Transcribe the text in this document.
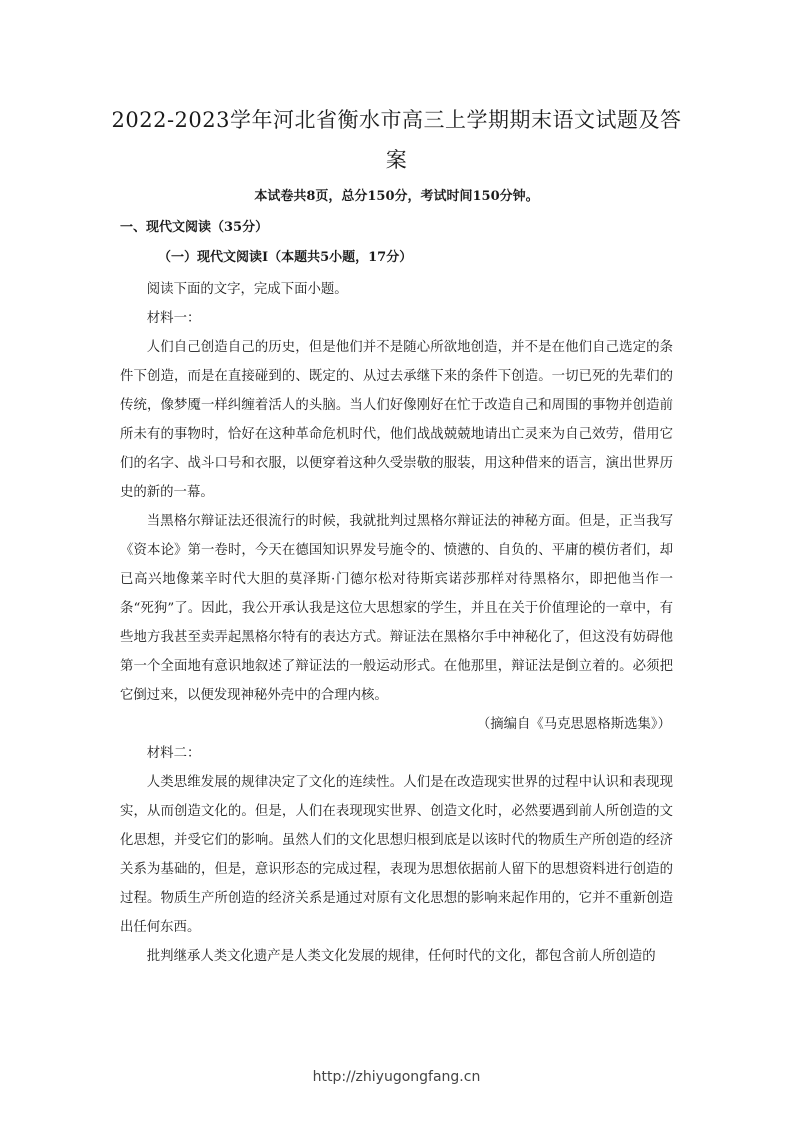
2022-2023学年河北省衡水市高三上学期期末语文试题及答案
本试卷共8页，总分150分，考试时间150分钟。
一、现代文阅读（35分）
（一）现代文阅读Ⅰ（本题共5小题，17分）

阅读下面的文字，完成下面小题。

材料一：

人们自己创造自己的历史，但是他们并不是随心所欲地创造，并不是在他们自己选定的条件下创造，而是在直接碰到的、既定的、从过去承继下来的条件下创造。一切已死的先辈们的传统，像梦魇一样纠缠着活人的头脑。当人们好像刚好在忙于改造自己和周围的事物并创造前所未有的事物时，恰好在这种革命危机时代，他们战战兢兢地请出亡灵来为自己效劳，借用它们的名字、战斗口号和衣服，以便穿着这种久受崇敬的服装，用这种借来的语言，演出世界历史的新的一幕。

当黑格尔辩证法还很流行的时候，我就批判过黑格尔辩证法的神秘方面。但是，正当我写《资本论》第一卷时，今天在德国知识界发号施令的、愤懑的、自负的、平庸的模仿者们，却已高兴地像莱辛时代大胆的莫泽斯·门德尔松对待斯宾诺莎那样对待黑格尔，即把他当作一条“死狗”了。因此，我公开承认我是这位大思想家的学生，并且在关于价值理论的一章中，有些地方我甚至卖弄起黑格尔特有的表达方式。辩证法在黑格尔手中神秘化了，但这没有妨碍他第一个全面地有意识地叙述了辩证法的一般运动形式。在他那里，辩证法是倒立着的。必须把它倒过来，以便发现神秘外壳中的合理内核。

（摘编自《马克思恩格斯选集》）

材料二：

人类思维发展的规律决定了文化的连续性。人们是在改造现实世界的过程中认识和表现现实，从而创造文化的。但是，人们在表现现实世界、创造文化时，必然要遇到前人所创造的文化思想，并受它们的影响。虽然人们的文化思想归根到底是以该时代的物质生产所创造的经济关系为基础的，但是，意识形态的完成过程，表现为思想依据前人留下的思想资料进行创造的过程。物质生产所创造的经济关系是通过对原有文化思想的影响来起作用的，它并不重新创造出任何东西。

批判继承人类文化遗产是人类文化发展的规律，任何时代的文化，都包含前人所创造的

http://zhiyugongfang.cn
